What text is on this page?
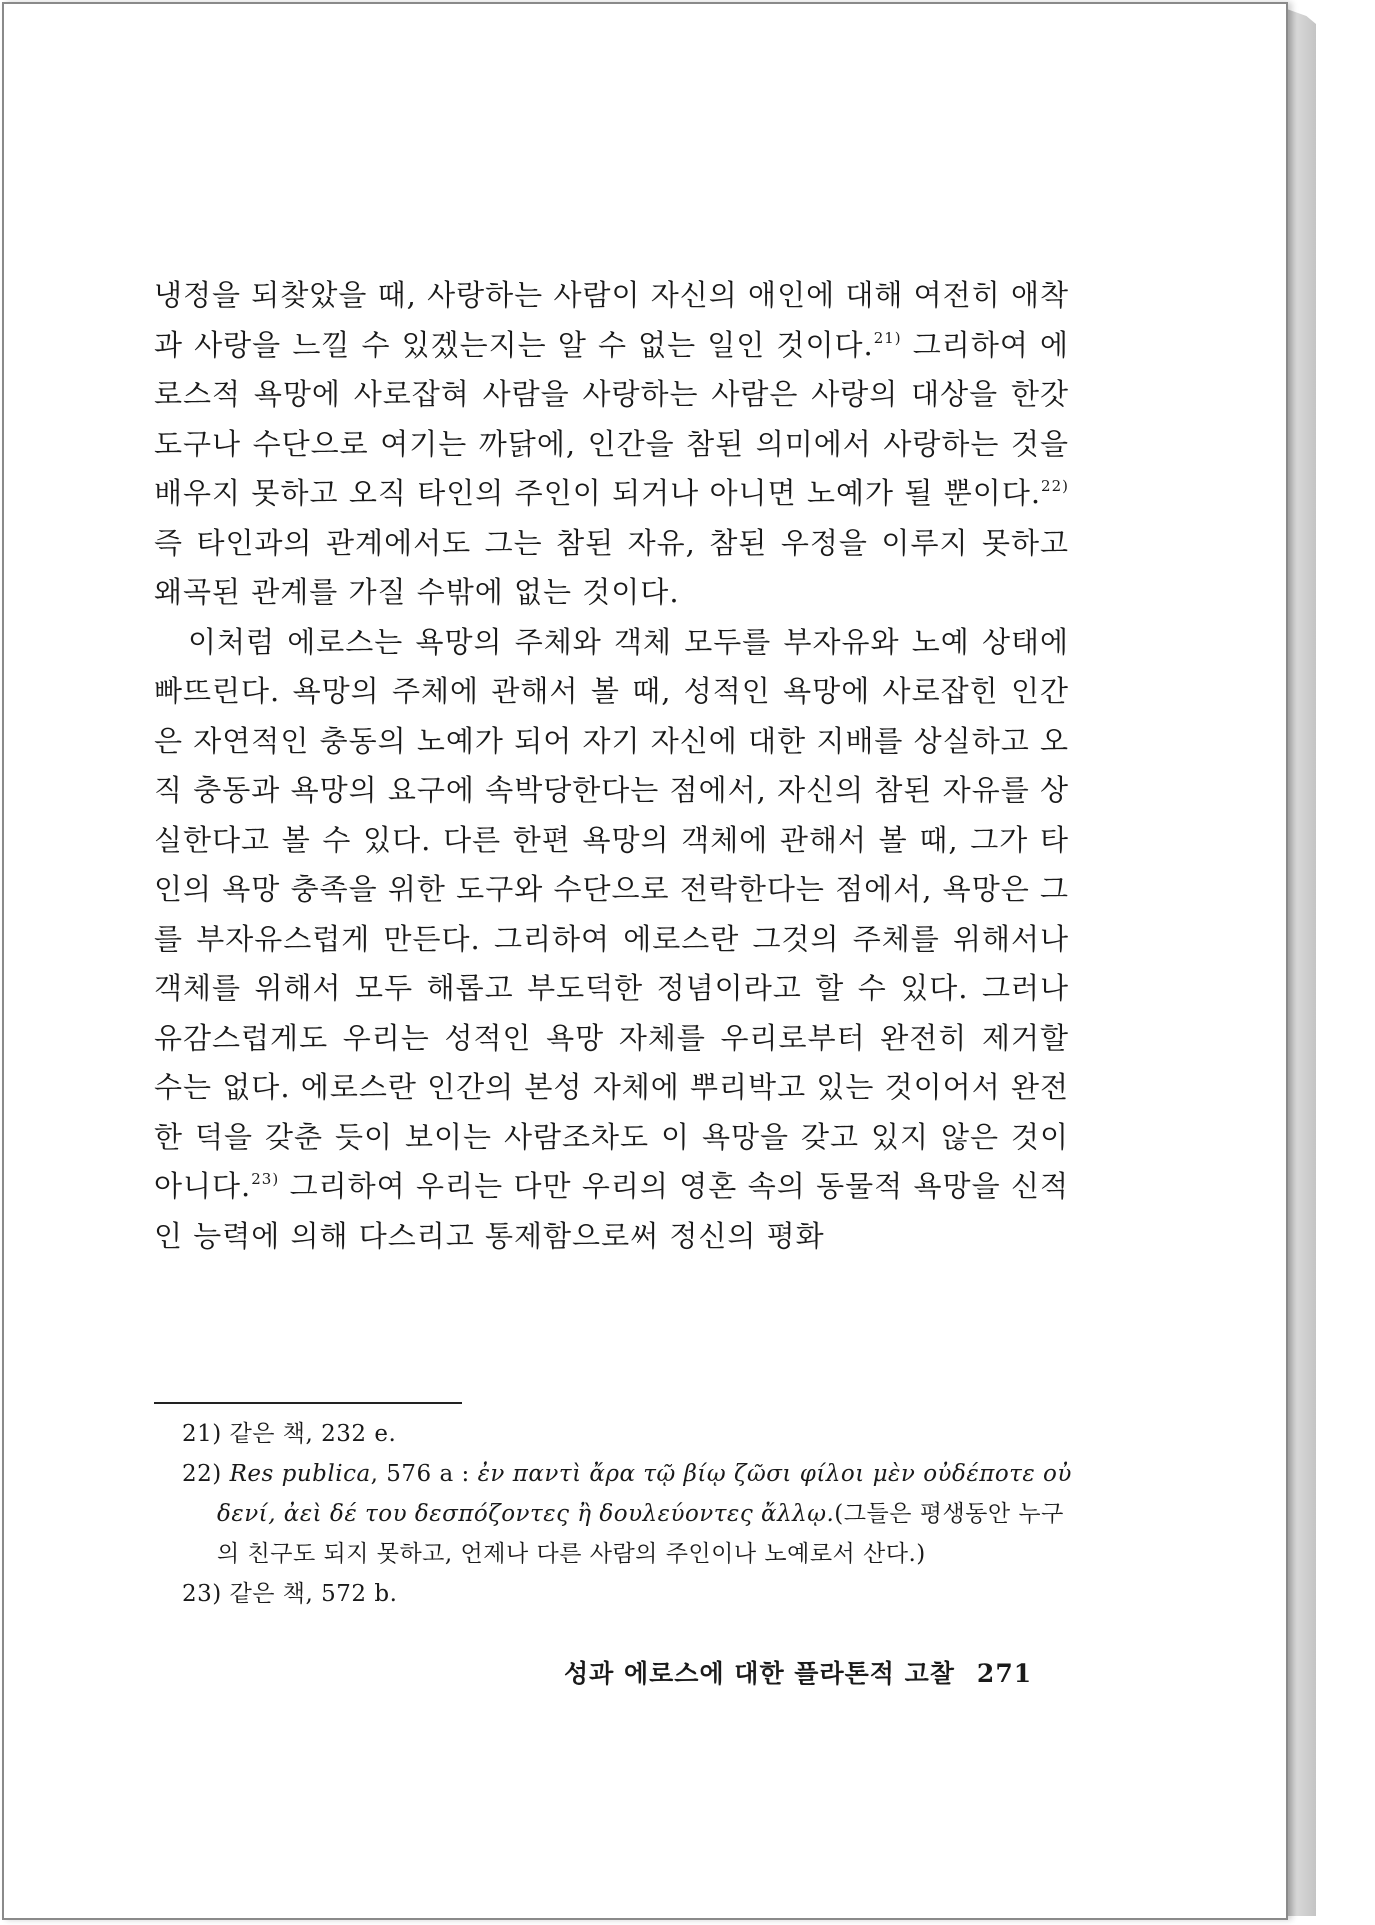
냉정을 되찾았을 때, 사랑하는 사람이 자신의 애인에 대해 여전히 애착과 사랑을 느낄 수 있겠는지는 알 수 없는 일인 것이다.$^{21)}$ 그리하여 에로스적 욕망에 사로잡혀 사람을 사랑하는 사람은 사랑의 대상을 한갓 도구나 수단으로 여기는 까닭에, 인간을 참된 의미에서 사랑하는 것을 배우지 못하고 오직 타인의 주인이 되거나 아니면 노예가 될 뿐이다.$^{22)}$ 즉 타인과의 관계에서도 그는 참된 자유, 참된 우정을 이루지 못하고 왜곡된 관계를 가질 수밖에 없는 것이다.

이처럼 에로스는 욕망의 주체와 객체 모두를 부자유와 노예 상태에 빠뜨린다. 욕망의 주체에 관해서 볼 때, 성적인 욕망에 사로잡힌 인간은 자연적인 충동의 노예가 되어 자기 자신에 대한 지배를 상실하고 오직 충동과 욕망의 요구에 속박당한다는 점에서, 자신의 참된 자유를 상실한다고 볼 수 있다. 다른 한편 욕망의 객체에 관해서 볼 때, 그가 타인의 욕망 충족을 위한 도구와 수단으로 전락한다는 점에서, 욕망은 그를 부자유스럽게 만든다. 그리하여 에로스란 그것의 주체를 위해서나 객체를 위해서 모두 해롭고 부도덕한 정념이라고 할 수 있다. 그러나 유감스럽게도 우리는 성적인 욕망 자체를 우리로부터 완전히 제거할 수는 없다. 에로스란 인간의 본성 자체에 뿌리박고 있는 것이어서 완전한 덕을 갖춘 듯이 보이는 사람조차도 이 욕망을 갖고 있지 않은 것이 아니다.$^{23)}$ 그리하여 우리는 다만 우리의 영혼 속의 동물적 욕망을 신적인 능력에 의해 다스리고 통제함으로써 정신의 평화

21) 같은 책, 232 e.
22) Res publica, 576 a : ἐν παντὶ ἄρα τῷ βίῳ ζῶσι φίλοι μὲν οὐδέποτε οὐ δενί, ἀεὶ δέ του δεσπόζοντες ἢ δουλεύοντες ἄλλῳ.(그들은 평생동안 누구의 친구도 되지 못하고, 언제나 다른 사람의 주인이나 노예로서 산다.)
23) 같은 책, 572 b.
성과 에로스에 대한 플라톤적 고찰 271
